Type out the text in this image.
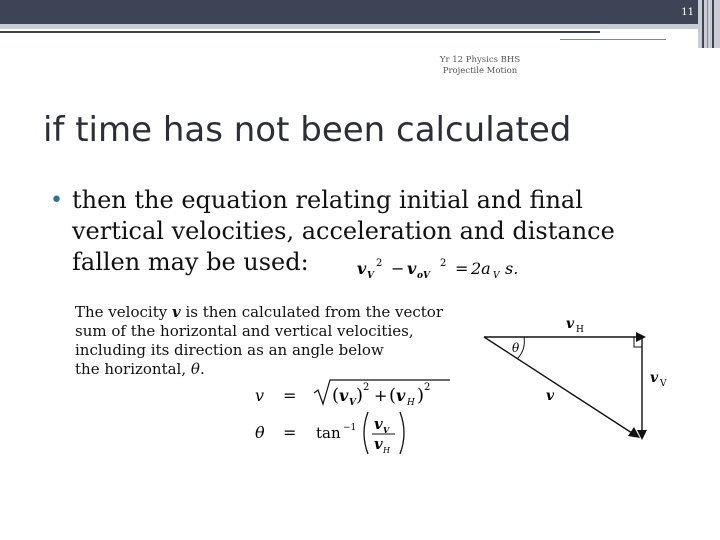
11
Yr 12 Physics BHS
Projectile Motion
if time has not been calculated
• then the equation relating initial and final
vertical velocities, acceleration and distance
fallen may be used:	v V
2 − v oV
2 = 2a V s.
The velocity v is then calculated from the vector
sum of the horizontal and vertical velocities,
including its direction as an angle below
the horizontal, θ.
v = ( v V ) 2 + ( v H ) 2
θ = tan −1 v V
v H
θ
v H
v V
v
